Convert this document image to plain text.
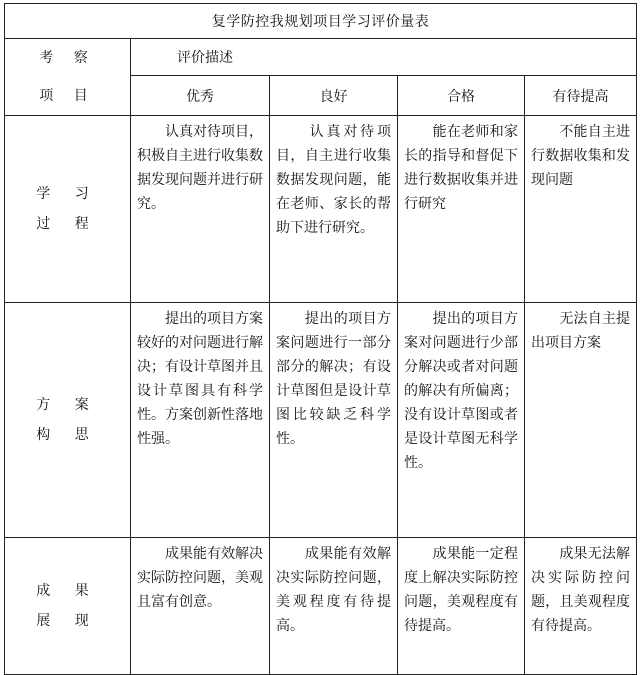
复学防控我规划项目学习评价量表				

考 察
项 目	评价描述			
	优秀	良好	合格	有待提高

学 习
过 程	　　认真对待项目，积极自主进行收集数据发现问题并进行研究。	　　认真对待项目，自主进行收集数据发现问题，能在老师、家长的帮助下进行研究。	　　能在老师和家长的指导和督促下进行数据收集并进行研究	　　不能自主进行数据收集和发现问题

方 案
构 思	　　提出的项目方案较好的对问题进行解决；有设计草图并且设计草图具有科学性。方案创新性落地性强。	　　提出的项目方案问题进行一部分部分的解决；有设计草图但是设计草图比较缺乏科学性。	　　提出的项目方案对问题进行少部分解决或者对问题的解决有所偏离；没有设计草图或者是设计草图无科学性。	　　无法自主提出项目方案

成 果
展 现	　　成果能有效解决实际防控问题，美观且富有创意。	　　成果能有效解决实际防控问题，美观程度有待提高。	　　成果能一定程度上解决实际防控问题，美观程度有待提高。	　　成果无法解决实际防控问题，且美观程度有待提高。
